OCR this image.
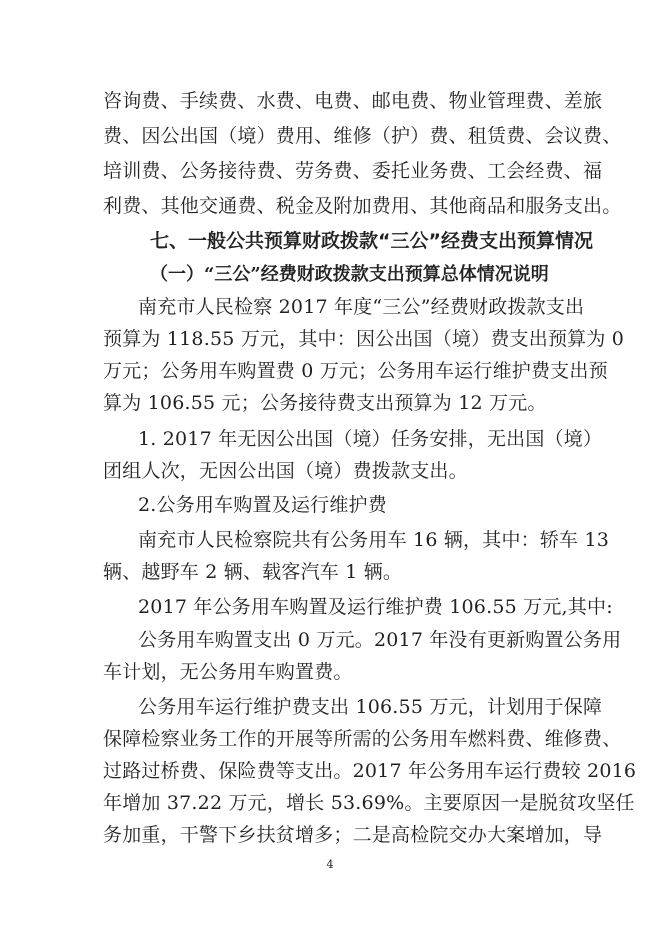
咨询费、手续费、水费、电费、邮电费、物业管理费、差旅
费、因公出国（境）费用、维修（护）费、租赁费、会议费、
培训费、公务接待费、劳务费、委托业务费、工会经费、福
利费、其他交通费、税金及附加费用、其他商品和服务支出。
七、一般公共预算财政拨款“三公”经费支出预算情况
（一）“三公”经费财政拨款支出预算总体情况说明
南充市人民检察 2017 年度“三公”经费财政拨款支出
预算为 118.55 万元，其中：因公出国（境）费支出预算为 0
万元；公务用车购置费 0 万元；公务用车运行维护费支出预
算为 106.55 元；公务接待费支出预算为 12 万元。
1. 2017 年无因公出国（境）任务安排，无出国（境）
团组人次，无因公出国（境）费拨款支出。
2.公务用车购置及运行维护费
南充市人民检察院共有公务用车 16 辆，其中：轿车 13
辆、越野车 2 辆、载客汽车 1 辆。
2017 年公务用车购置及运行维护费 106.55 万元,其中:
公务用车购置支出 0 万元。2017 年没有更新购置公务用
车计划，无公务用车购置费。
公务用车运行维护费支出 106.55 万元，计划用于保障
保障检察业务工作的开展等所需的公务用车燃料费、维修费、
过路过桥费、保险费等支出。2017 年公务用车运行费较 2016
年增加 37.22 万元，增长 53.69%。主要原因一是脱贫攻坚任
务加重，干警下乡扶贫增多；二是高检院交办大案增加，导
4
